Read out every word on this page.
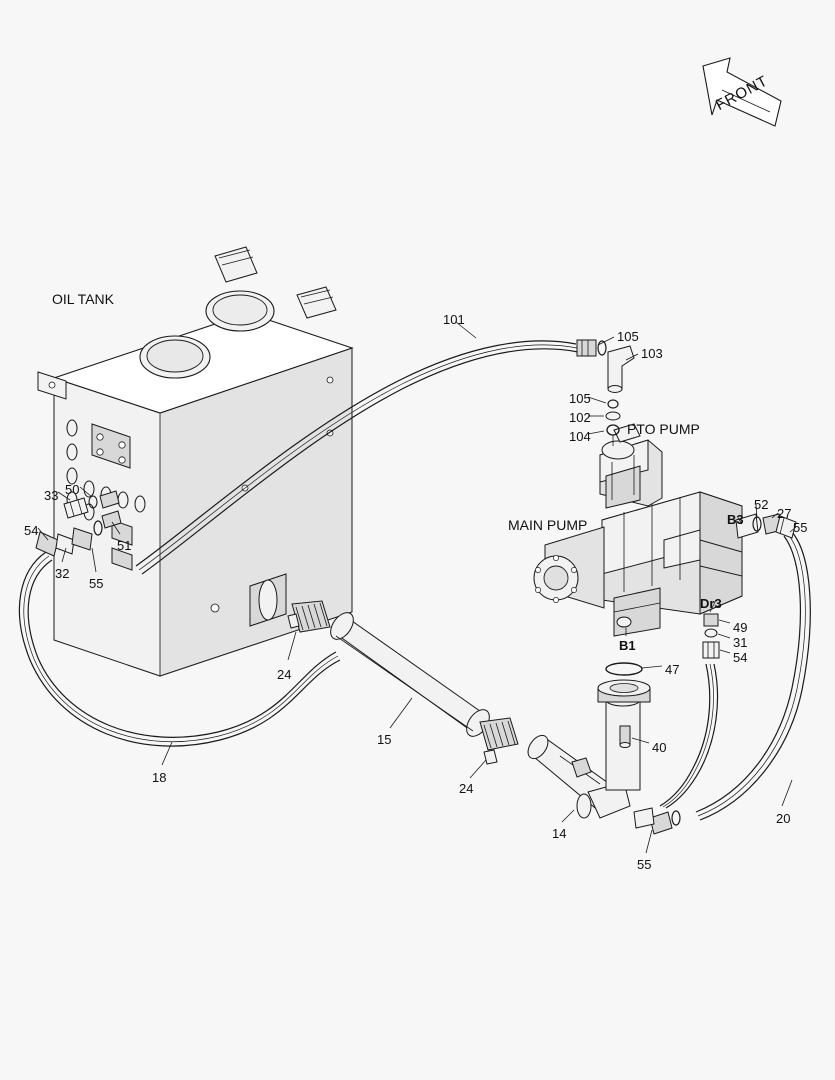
FRONT
OIL TANK
PTO PUMP
MAIN PUMP	B3
B1
Dr3
101
105
103
105
102
104
33 50
54
51
32
55
52
27
55
49
31
54
47
40
24
24
15
18
14
55
20
